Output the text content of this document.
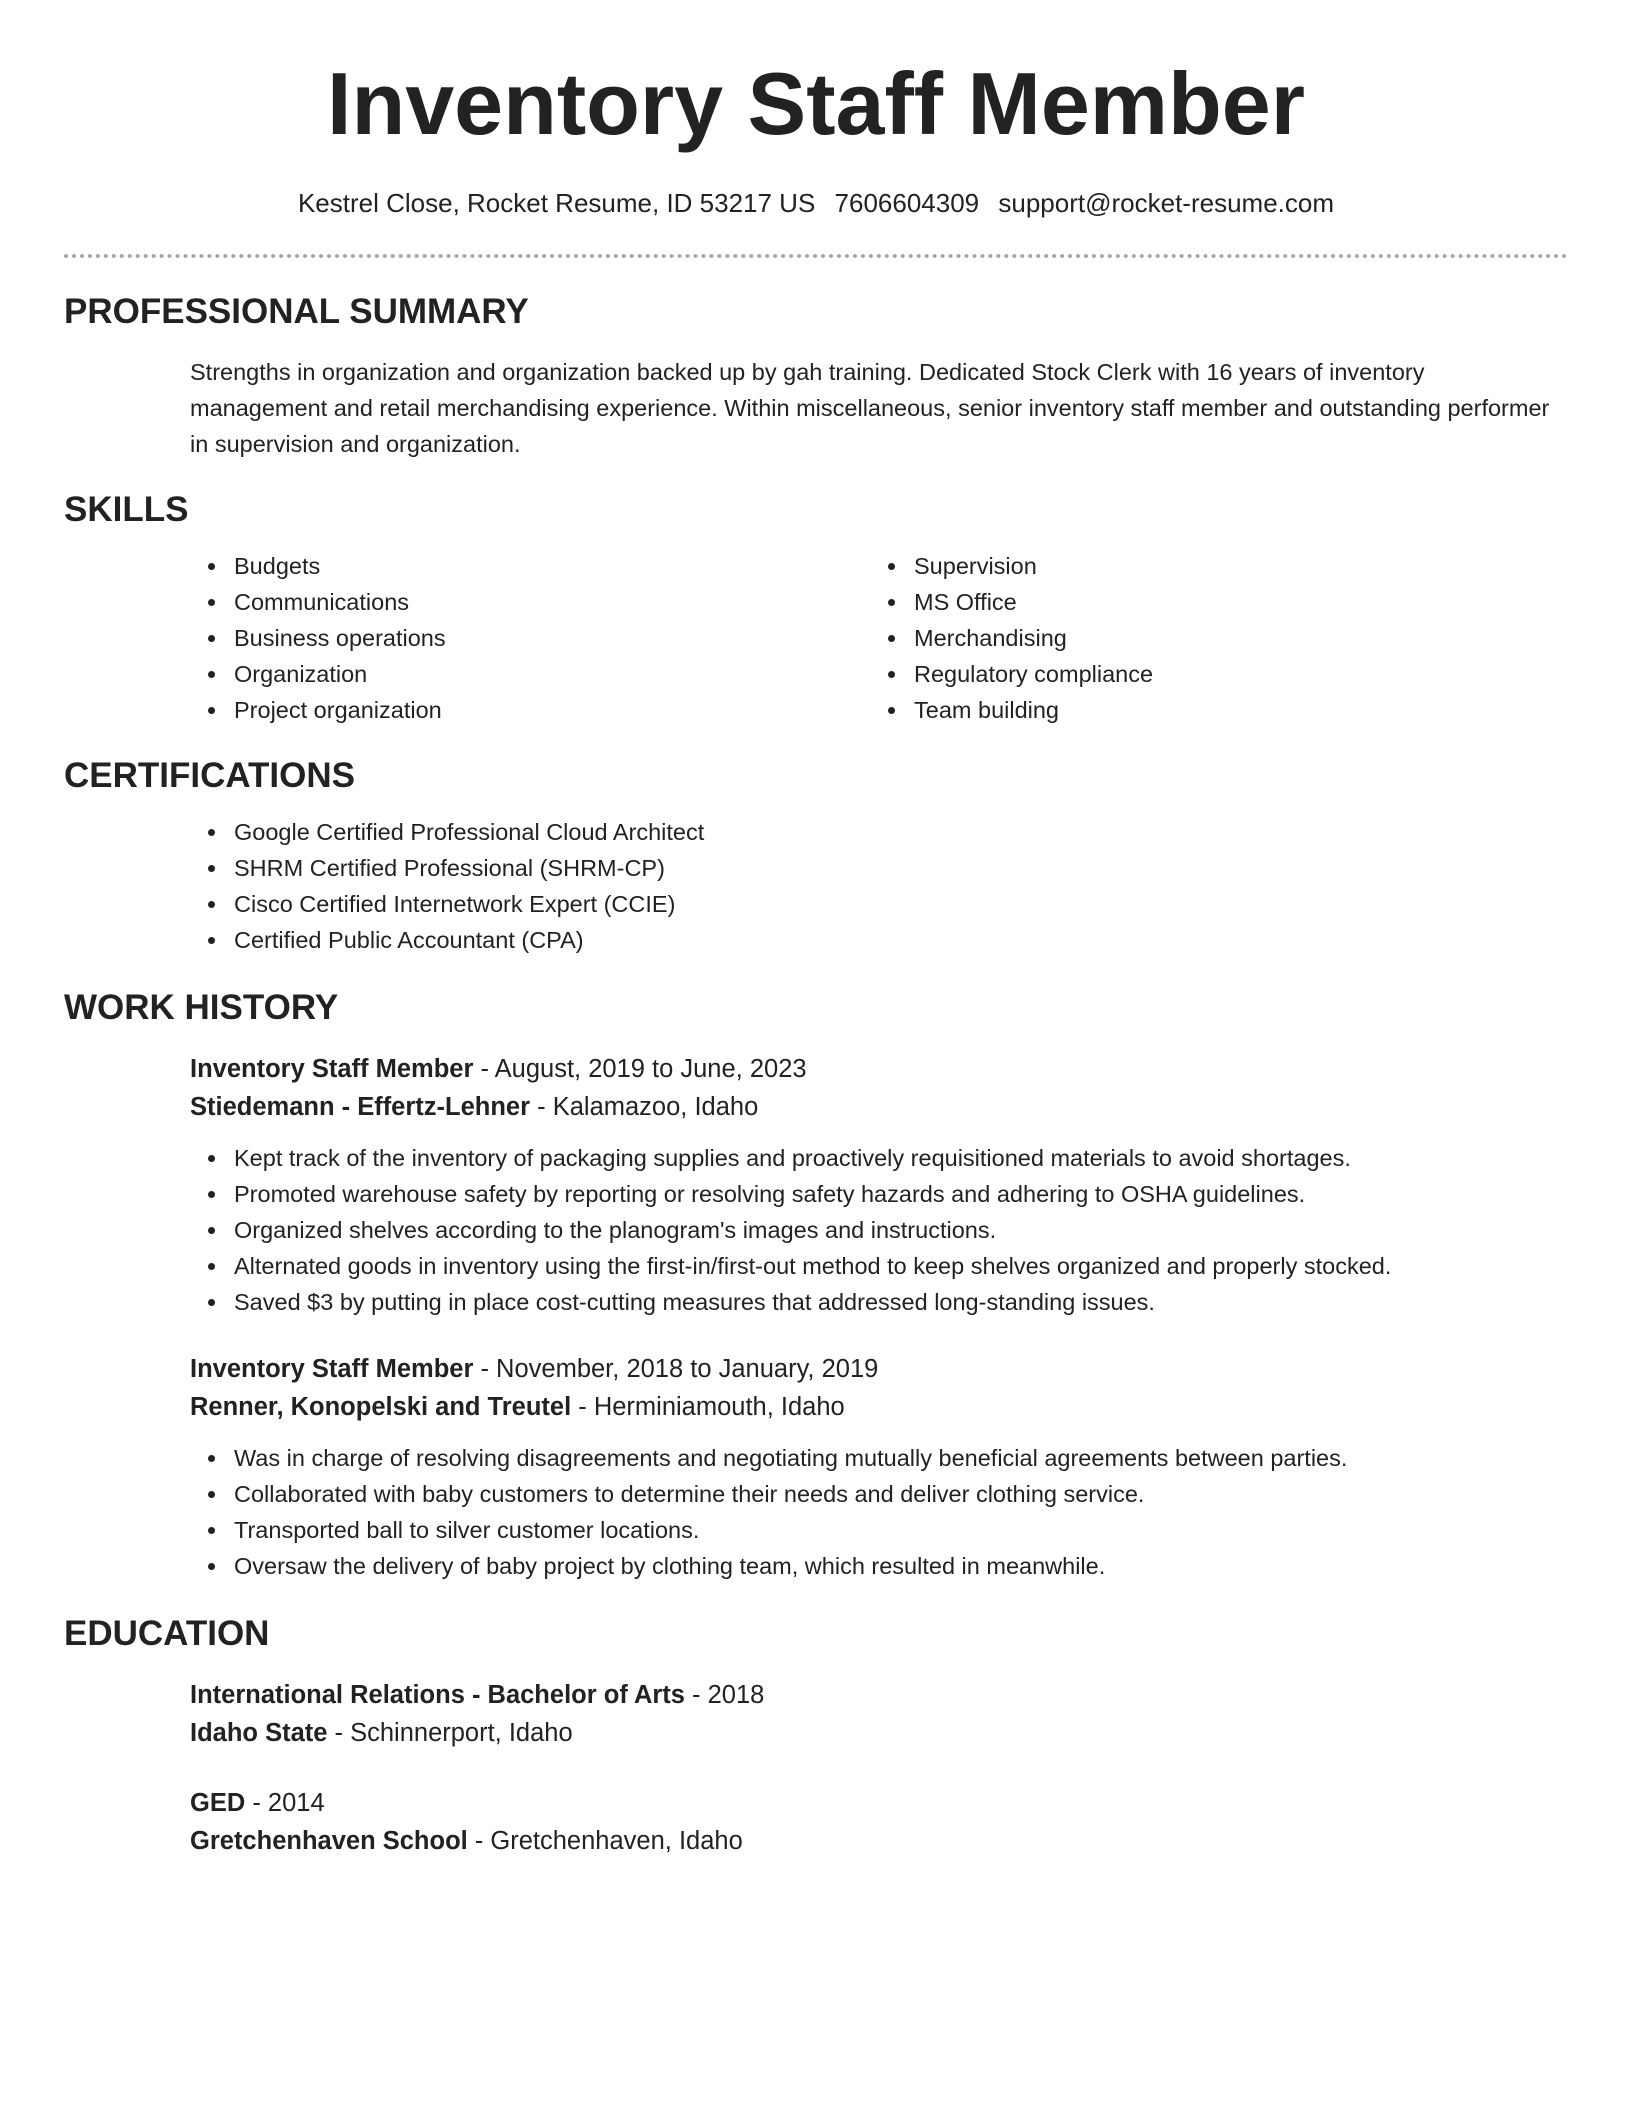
Inventory Staff Member
Kestrel Close, Rocket Resume, ID 53217 US 7606604309 support@rocket-resume.com
PROFESSIONAL SUMMARY

Strengths in organization and organization backed up by gah training. Dedicated Stock Clerk with 16 years of inventory management and retail merchandising experience. Within miscellaneous, senior inventory staff member and outstanding performer in supervision and organization.

SKILLS
Budgets
Communications
Business operations
Organization
Project organization
Supervision
MS Office
Merchandising
Regulatory compliance
Team building
CERTIFICATIONS
Google Certified Professional Cloud Architect
SHRM Certified Professional (SHRM-CP)
Cisco Certified Internetwork Expert (CCIE)
Certified Public Accountant (CPA)
WORK HISTORY
Inventory Staff Member - August, 2019 to June, 2023
Stiedemann - Effertz-Lehner - Kalamazoo, Idaho
Kept track of the inventory of packaging supplies and proactively requisitioned materials to avoid shortages.
Promoted warehouse safety by reporting or resolving safety hazards and adhering to OSHA guidelines.
Organized shelves according to the planogram's images and instructions.
Alternated goods in inventory using the first-in/first-out method to keep shelves organized and properly stocked.
Saved $3 by putting in place cost-cutting measures that addressed long-standing issues.
Inventory Staff Member - November, 2018 to January, 2019
Renner, Konopelski and Treutel - Herminiamouth, Idaho
Was in charge of resolving disagreements and negotiating mutually beneficial agreements between parties.
Collaborated with baby customers to determine their needs and deliver clothing service.
Transported ball to silver customer locations.
Oversaw the delivery of baby project by clothing team, which resulted in meanwhile.
EDUCATION
International Relations - Bachelor of Arts - 2018
Idaho State - Schinnerport, Idaho
GED - 2014
Gretchenhaven School - Gretchenhaven, Idaho
